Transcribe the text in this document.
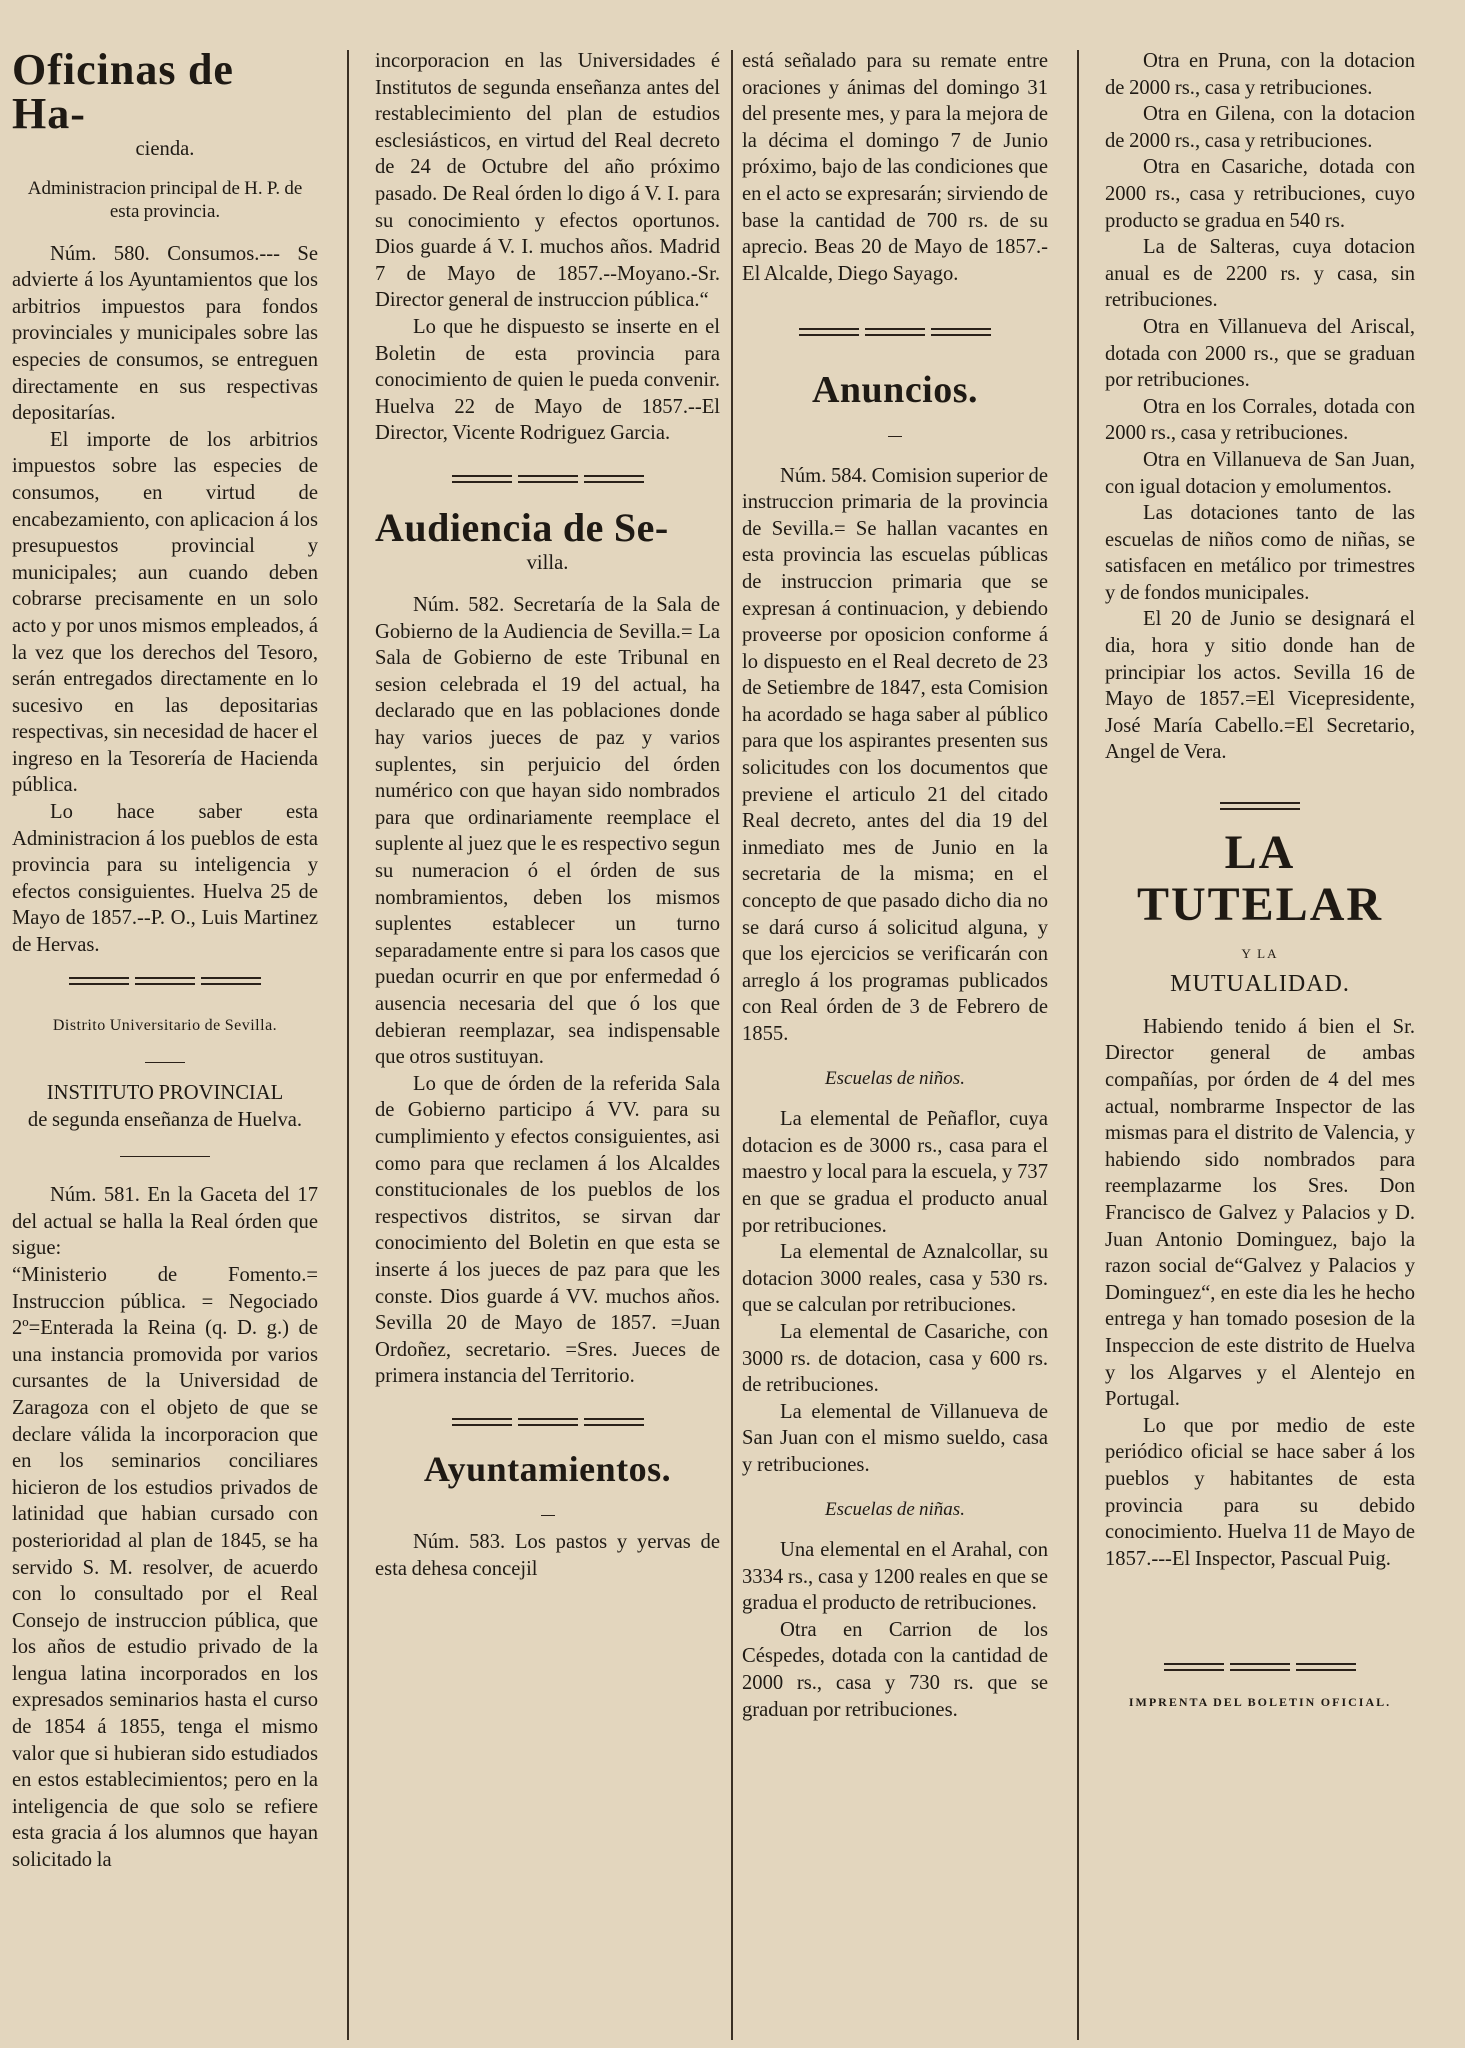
Oficinas de Ha-
cienda.
Administracion principal de H. P. de esta provincia.

Núm. 580. Consumos.--- Se advierte á los Ayuntamientos que los arbitrios impuestos para fondos provinciales y municipales sobre las especies de consumos, se entreguen directamente en sus respectivas depositarías.

El importe de los arbitrios impuestos sobre las especies de consumos, en virtud de encabezamiento, con aplicacion á los presupuestos provincial y municipales; aun cuando deben cobrarse precisamente en un solo acto y por unos mismos empleados, á la vez que los derechos del Tesoro, serán entregados directamente en lo sucesivo en las depositarias respectivas, sin necesidad de hacer el ingreso en la Tesorería de Hacienda pública.

Lo hace saber esta Administracion á los pueblos de esta provincia para su inteligencia y efectos consiguientes. Huelva 25 de Mayo de 1857.--P. O., Luis Martinez de Hervas.

Distrito Universitario de Sevilla.
INSTITUTO PROVINCIAL
de segunda enseñanza de Huelva.

Núm. 581. En la Gaceta del 17 del actual se halla la Real órden que sigue:

“Ministerio de Fomento.= Instruccion pública. = Negociado 2º=Enterada la Reina (q. D. g.) de una instancia promovida por varios cursantes de la Universidad de Zaragoza con el objeto de que se declare válida la incorporacion que en los seminarios conciliares hicieron de los estudios privados de latinidad que habian cursado con posterioridad al plan de 1845, se ha servido S. M. resolver, de acuerdo con lo consultado por el Real Consejo de instruccion pública, que los años de estudio privado de la lengua latina incorporados en los expresados seminarios hasta el curso de 1854 á 1855, tenga el mismo valor que si hubieran sido estudiados en estos establecimientos; pero en la inteligencia de que solo se refiere esta gracia á los alumnos que hayan solicitado la

incorporacion en las Universidades é Institutos de segunda enseñanza antes del restablecimiento del plan de estudios esclesiásticos, en virtud del Real decreto de 24 de Octubre del año próximo pasado. De Real órden lo digo á V. I. para su conocimiento y efectos oportunos. Dios guarde á V. I. muchos años. Madrid 7 de Mayo de 1857.--Moyano.-Sr. Director general de instruccion pública.“

Lo que he dispuesto se inserte en el Boletin de esta provincia para conocimiento de quien le pueda convenir. Huelva 22 de Mayo de 1857.--El Director, Vicente Rodriguez Garcia.

Audiencia de Se-
villa.

Núm. 582. Secretaría de la Sala de Gobierno de la Audiencia de Sevilla.= La Sala de Gobierno de este Tribunal en sesion celebrada el 19 del actual, ha declarado que en las poblaciones donde hay varios jueces de paz y varios suplentes, sin perjuicio del órden numérico con que hayan sido nombrados para que ordinariamente reemplace el suplente al juez que le es respectivo segun su numeracion ó el órden de sus nombramientos, deben los mismos suplentes establecer un turno separadamente entre si para los casos que puedan ocurrir en que por enfermedad ó ausencia necesaria del que ó los que debieran reemplazar, sea indispensable que otros sustituyan.

Lo que de órden de la referida Sala de Gobierno participo á VV. para su cumplimiento y efectos consiguientes, asi como para que reclamen á los Alcaldes constitucionales de los pueblos de los respectivos distritos, se sirvan dar conocimiento del Boletin en que esta se inserte á los jueces de paz para que les conste. Dios guarde á VV. muchos años. Sevilla 20 de Mayo de 1857. =Juan Ordoñez, secretario. =Sres. Jueces de primera instancia del Territorio.

Ayuntamientos.

Núm. 583. Los pastos y yervas de esta dehesa concejil

está señalado para su remate entre oraciones y ánimas del domingo 31 del presente mes, y para la mejora de la décima el domingo 7 de Junio próximo, bajo de las condiciones que en el acto se expresarán; sirviendo de base la cantidad de 700 rs. de su aprecio. Beas 20 de Mayo de 1857.-El Alcalde, Diego Sayago.

Anuncios.

Núm. 584. Comision superior de instruccion primaria de la provincia de Sevilla.= Se hallan vacantes en esta provincia las escuelas públicas de instruccion primaria que se expresan á continuacion, y debiendo proveerse por oposicion conforme á lo dispuesto en el Real decreto de 23 de Setiembre de 1847, esta Comision ha acordado se haga saber al público para que los aspirantes presenten sus solicitudes con los documentos que previene el articulo 21 del citado Real decreto, antes del dia 19 del inmediato mes de Junio en la secretaria de la misma; en el concepto de que pasado dicho dia no se dará curso á solicitud alguna, y que los ejercicios se verificarán con arreglo á los programas publicados con Real órden de 3 de Febrero de 1855.

Escuelas de niños.

La elemental de Peñaflor, cuya dotacion es de 3000 rs., casa para el maestro y local para la escuela, y 737 en que se gradua el producto anual por retribuciones.

La elemental de Aznalcollar, su dotacion 3000 reales, casa y 530 rs. que se calculan por retribuciones.

La elemental de Casariche, con 3000 rs. de dotacion, casa y 600 rs. de retribuciones.

La elemental de Villanueva de San Juan con el mismo sueldo, casa y retribuciones.

Escuelas de niñas.

Una elemental en el Arahal, con 3334 rs., casa y 1200 reales en que se gradua el producto de retribuciones.

Otra en Carrion de los Céspedes, dotada con la cantidad de 2000 rs., casa y 730 rs. que se graduan por retribuciones.

Otra en Pruna, con la dotacion de 2000 rs., casa y retribuciones.

Otra en Gilena, con la dotacion de 2000 rs., casa y retribuciones.

Otra en Casariche, dotada con 2000 rs., casa y retribuciones, cuyo producto se gradua en 540 rs.

La de Salteras, cuya dotacion anual es de 2200 rs. y casa, sin retribuciones.

Otra en Villanueva del Ariscal, dotada con 2000 rs., que se graduan por retribuciones.

Otra en los Corrales, dotada con 2000 rs., casa y retribuciones.

Otra en Villanueva de San Juan, con igual dotacion y emolumentos.

Las dotaciones tanto de las escuelas de niños como de niñas, se satisfacen en metálico por trimestres y de fondos municipales.

El 20 de Junio se designará el dia, hora y sitio donde han de principiar los actos. Sevilla 16 de Mayo de 1857.=El Vicepresidente, José María Cabello.=El Secretario, Angel de Vera.

LA TUTELAR
Y LA
MUTUALIDAD.

Habiendo tenido á bien el Sr. Director general de ambas compañías, por órden de 4 del mes actual, nombrarme Inspector de las mismas para el distrito de Valencia, y habiendo sido nombrados para reemplazarme los Sres. Don Francisco de Galvez y Palacios y D. Juan Antonio Dominguez, bajo la razon social de“Galvez y Palacios y Dominguez“, en este dia les he hecho entrega y han tomado posesion de la Inspeccion de este distrito de Huelva y los Algarves y el Alentejo en Portugal.

Lo que por medio de este periódico oficial se hace saber á los pueblos y habitantes de esta provincia para su debido conocimiento. Huelva 11 de Mayo de 1857.---El Inspector, Pascual Puig.

IMPRENTA DEL BOLETIN OFICIAL.
